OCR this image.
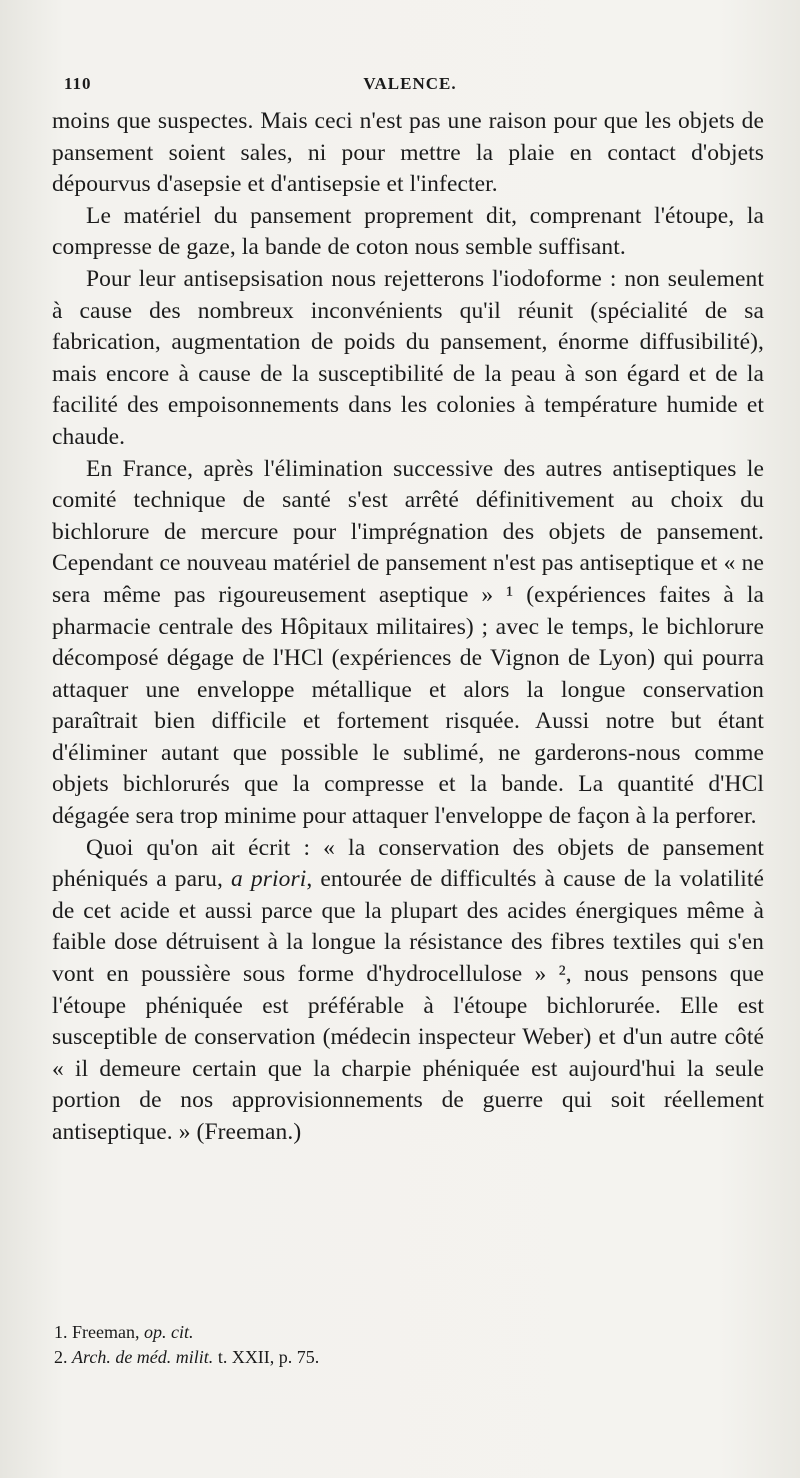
110	VALENCE.

moins que suspectes. Mais ceci n'est pas une raison pour que les objets de pansement soient sales, ni pour mettre la plaie en contact d'objets dépourvus d'asepsie et d'antisepsie et l'infecter.

Le matériel du pansement proprement dit, comprenant l'étoupe, la compresse de gaze, la bande de coton nous semble suffisant.

Pour leur antisepsisation nous rejetterons l'iodoforme : non seulement à cause des nombreux inconvénients qu'il réunit (spécialité de sa fabrication, augmentation de poids du pansement, énorme diffusibilité), mais encore à cause de la susceptibilité de la peau à son égard et de la facilité des empoisonnements dans les colonies à température humide et chaude.

En France, après l'élimination successive des autres antiseptiques le comité technique de santé s'est arrêté définitivement au choix du bichlorure de mercure pour l'imprégnation des objets de pansement. Cependant ce nouveau matériel de pansement n'est pas antiseptique et « ne sera même pas rigoureusement aseptique » ¹ (expériences faites à la pharmacie centrale des Hôpitaux militaires) ; avec le temps, le bichlorure décomposé dégage de l'HCl (expériences de Vignon de Lyon) qui pourra attaquer une enveloppe métallique et alors la longue conservation paraîtrait bien difficile et fortement risquée. Aussi notre but étant d'éliminer autant que possible le sublimé, ne garderons-nous comme objets bichlorurés que la compresse et la bande. La quantité d'HCl dégagée sera trop minime pour attaquer l'enveloppe de façon à la perforer.

Quoi qu'on ait écrit : « la conservation des objets de pansement phéniqués a paru, a priori, entourée de difficultés à cause de la volatilité de cet acide et aussi parce que la plupart des acides énergiques même à faible dose détruisent à la longue la résistance des fibres textiles qui s'en vont en poussière sous forme d'hydrocellulose » ², nous pensons que l'étoupe phéniquée est préférable à l'étoupe bichlorurée. Elle est susceptible de conservation (médecin inspecteur Weber) et d'un autre côté « il demeure certain que la charpie phéniquée est aujourd'hui la seule portion de nos approvisionnements de guerre qui soit réellement antiseptique. » (Freeman.)

1. Freeman, op. cit.
2. Arch. de méd. milit. t. XXII, p. 75.
